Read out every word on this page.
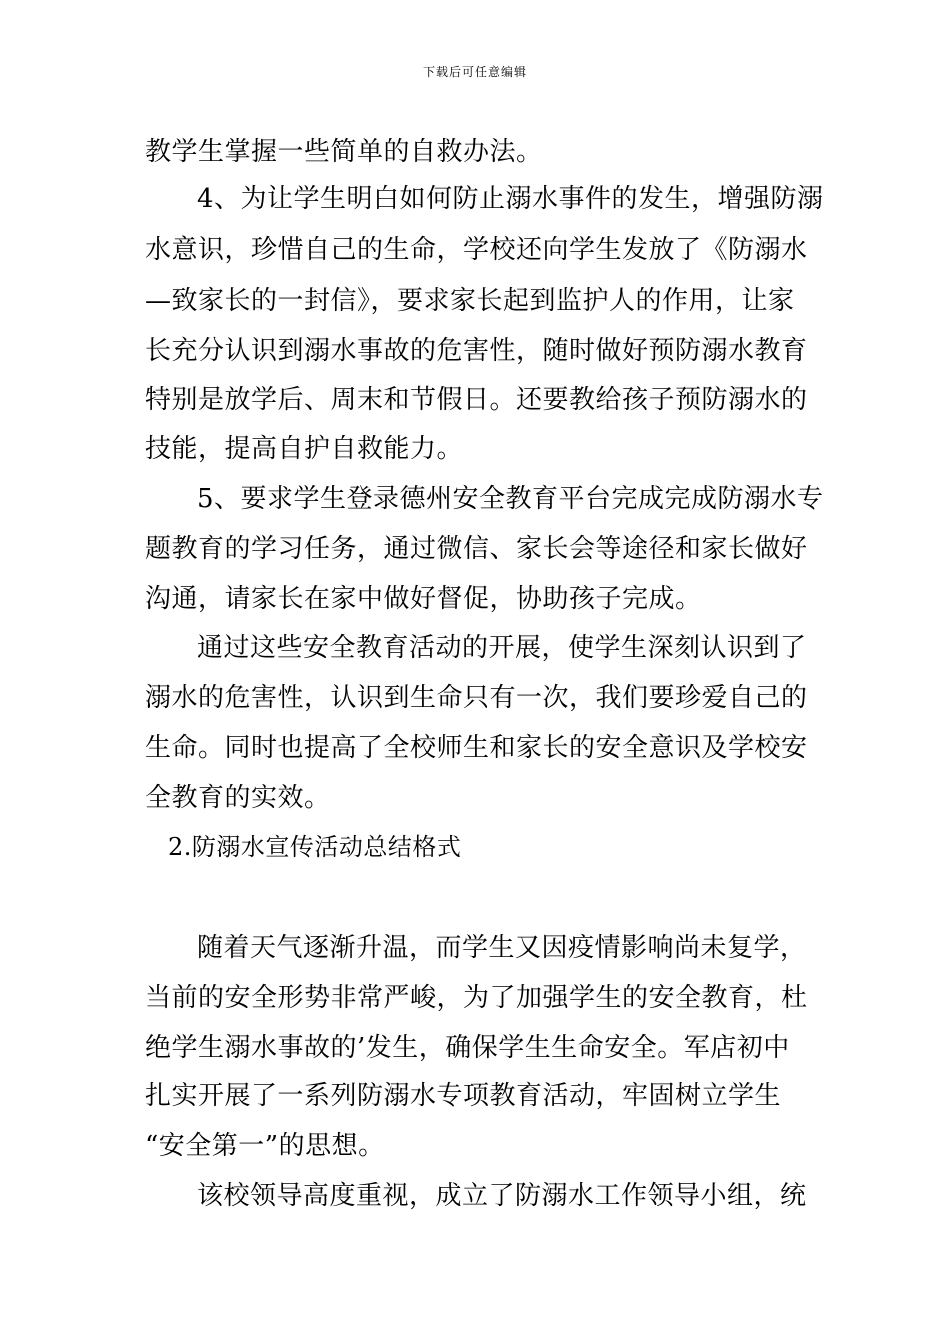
下载后可任意编辑
教学生掌握一些简单的自救办法。
4、为让学生明白如何防止溺水事件的发生，增强防溺
水意识，珍惜自己的生命，学校还向学生发放了《防溺水
—致家长的一封信》，要求家长起到监护人的作用，让家
长充分认识到溺水事故的危害性，随时做好预防溺水教育
特别是放学后、周末和节假日。还要教给孩子预防溺水的
技能，提高自护自救能力。
5、要求学生登录德州安全教育平台完成完成防溺水专
题教育的学习任务，通过微信、家长会等途径和家长做好
沟通，请家长在家中做好督促，协助孩子完成。
通过这些安全教育活动的开展，使学生深刻认识到了
溺水的危害性，认识到生命只有一次，我们要珍爱自己的
生命。同时也提高了全校师生和家长的安全意识及学校安
全教育的实效。
2.防溺水宣传活动总结格式
随着天气逐渐升温，而学生又因疫情影响尚未复学，
当前的安全形势非常严峻，为了加强学生的安全教育，杜
绝学生溺水事故的’发生，确保学生生命安全。军店初中
扎实开展了一系列防溺水专项教育活动，牢固树立学生
“安全第一”的思想。
该校领导高度重视，成立了防溺水工作领导小组，统
